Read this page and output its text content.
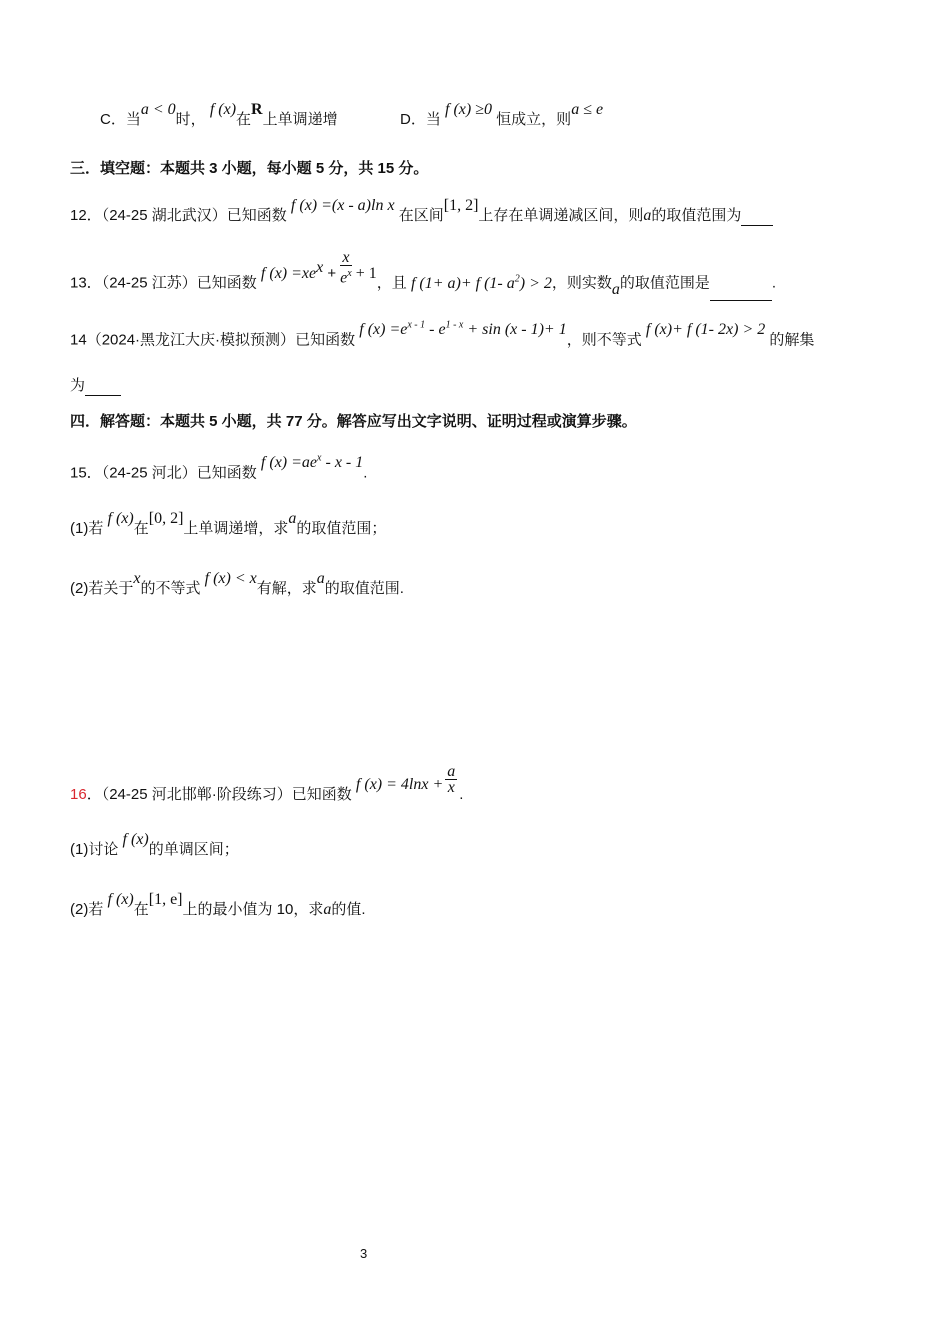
C．当a < 0时， f (x)在R上单调递增	D．当 f (x) ≥0 恒成立，则a ≤ e
三．填空题：本题共 3 小题，每小题 5 分，共 15 分。
12．（24-25 湖北武汉）已知函数 f (x) =(x - a)ln x 在区间[1, 2]上存在单调递减区间，则a的取值范围为
13．（24-25 江苏）已知函数 f $(x) =xe^x + \frac{x}{e^x} + 1$，且 f (1+ a)+ f (1- $a^2) > 2$，则实数a的取值范围是	.
14（2024·黑龙江大庆·模拟预测）已知函数 f $(x) =e^{x - 1} - e^{1 - x} + \sin (x - 1)+ 1$，则不等式 f (x)+ f (1- 2x) > 2 的解集
为
四．解答题：本题共 5 小题，共 77 分。解答应写出文字说明、证明过程或演算步骤。
15．（24-25 河北）已知函数 f $(x) =ae^x - x - 1$.
(1)若 f (x)在[0, 2]上单调递增，求a的取值范围；
(2)若关于x的不等式 f (x) < x有解，求a的取值范围.
16．（24-25 河北邯郸·阶段练习）已知函数 f $(x) = 4\ln x + \frac{a}{x}$ .
(1)讨论 f (x)的单调区间；
(2)若 f (x)在[1, e]上的最小值为 10，求a的值.
3
